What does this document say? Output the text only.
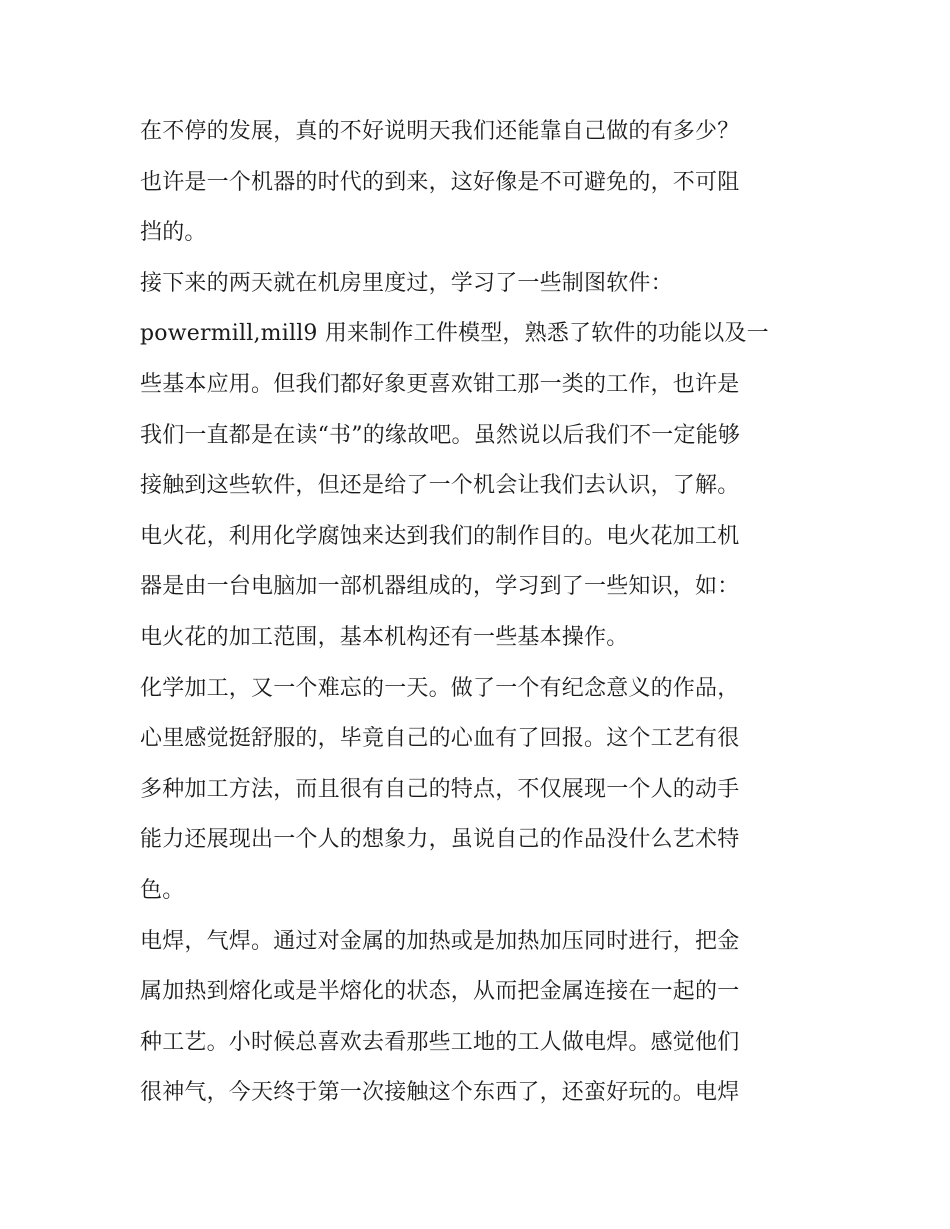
在不停的发展，真的不好说明天我们还能靠自己做的有多少？
也许是一个机器的时代的到来，这好像是不可避免的，不可阻
挡的。
接下来的两天就在机房里度过，学习了一些制图软件：
powermill,mill9 用来制作工件模型，熟悉了软件的功能以及一
些基本应用。但我们都好象更喜欢钳工那一类的工作，也许是
我们一直都是在读“书”的缘故吧。虽然说以后我们不一定能够
接触到这些软件，但还是给了一个机会让我们去认识，了解。
电火花，利用化学腐蚀来达到我们的制作目的。电火花加工机
器是由一台电脑加一部机器组成的，学习到了一些知识，如：
电火花的加工范围，基本机构还有一些基本操作。
化学加工，又一个难忘的一天。做了一个有纪念意义的作品，
心里感觉挺舒服的，毕竟自己的心血有了回报。这个工艺有很
多种加工方法，而且很有自己的特点，不仅展现一个人的动手
能力还展现出一个人的想象力，虽说自己的作品没什么艺术特
色。
电焊，气焊。通过对金属的加热或是加热加压同时进行，把金
属加热到熔化或是半熔化的状态，从而把金属连接在一起的一
种工艺。小时候总喜欢去看那些工地的工人做电焊。感觉他们
很神气，今天终于第一次接触这个东西了，还蛮好玩的。电焊
